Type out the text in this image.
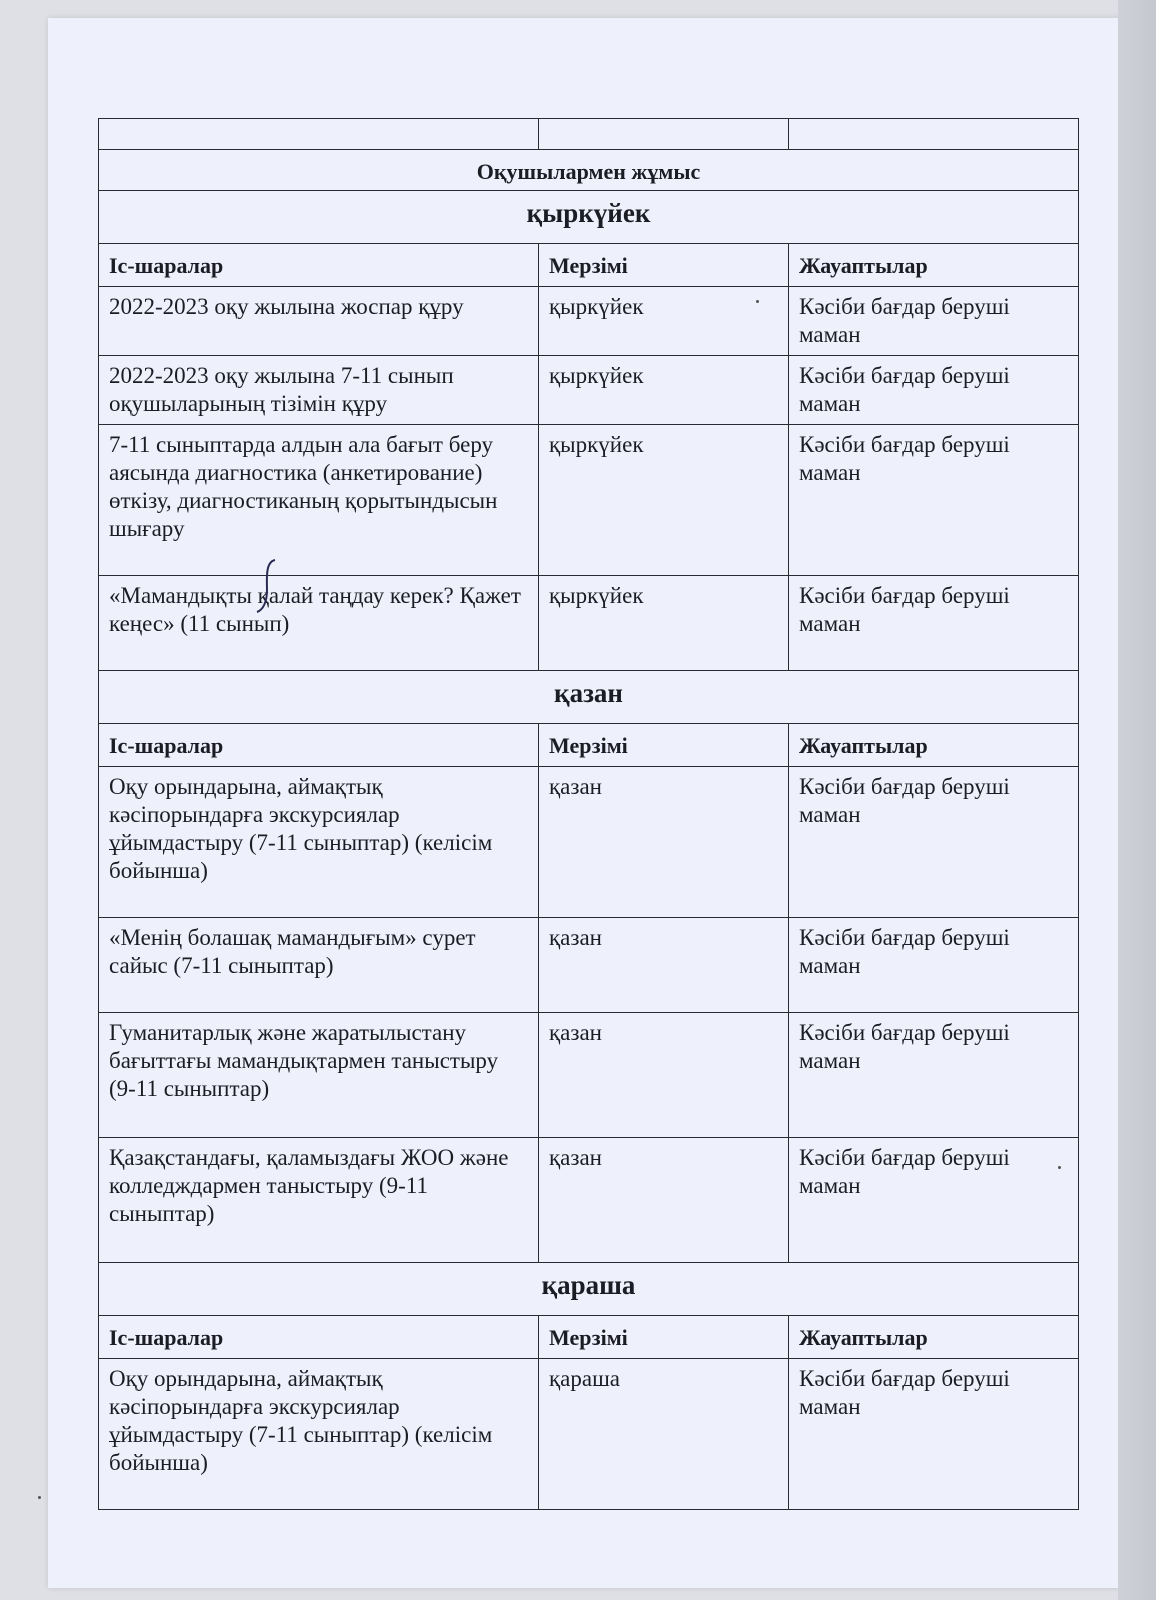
Оқушылармен жұмыс		
қыркүйек		
Іс-шаралар	Мерзімі	Жауаптылар
2022-2023 оқу жылына жоспар құру	қыркүйек	Кәсіби бағдар беруші маман
2022-2023 оқу жылына 7-11 сынып оқушыларының тізімін құру	қыркүйек	Кәсіби бағдар беруші маман
7-11 сыныптарда алдын ала бағыт беру аясында диагностика (анкетирование) өткізу, диагностиканың қорытындысын шығару	қыркүйек	Кәсіби бағдар беруші маман
«Мамандықты қалай таңдау керек? Қажет кеңес» (11 сынып)	қыркүйек	Кәсіби бағдар беруші маман
қазан		
Іс-шаралар	Мерзімі	Жауаптылар
Оқу орындарына, аймақтық кәсіпорындарға экскурсиялар ұйымдастыру (7-11 сыныптар) (келісім бойынша)	қазан	Кәсіби бағдар беруші маман
«Менің болашақ мамандығым» сурет сайыс (7-11 сыныптар)	қазан	Кәсіби бағдар беруші маман
Гуманитарлық және жаратылыстану бағыттағы мамандықтармен таныстыру (9-11 сыныптар)	қазан	Кәсіби бағдар беруші маман
Қазақстандағы, қаламыздағы ЖОО және колледждармен таныстыру (9-11 сыныптар)	қазан	Кәсіби бағдар беруші маман
қараша		
Іс-шаралар	Мерзімі	Жауаптылар
Оқу орындарына, аймақтық кәсіпорындарға экскурсиялар ұйымдастыру (7-11 сыныптар) (келісім бойынша)	қараша	Кәсіби бағдар беруші маман
